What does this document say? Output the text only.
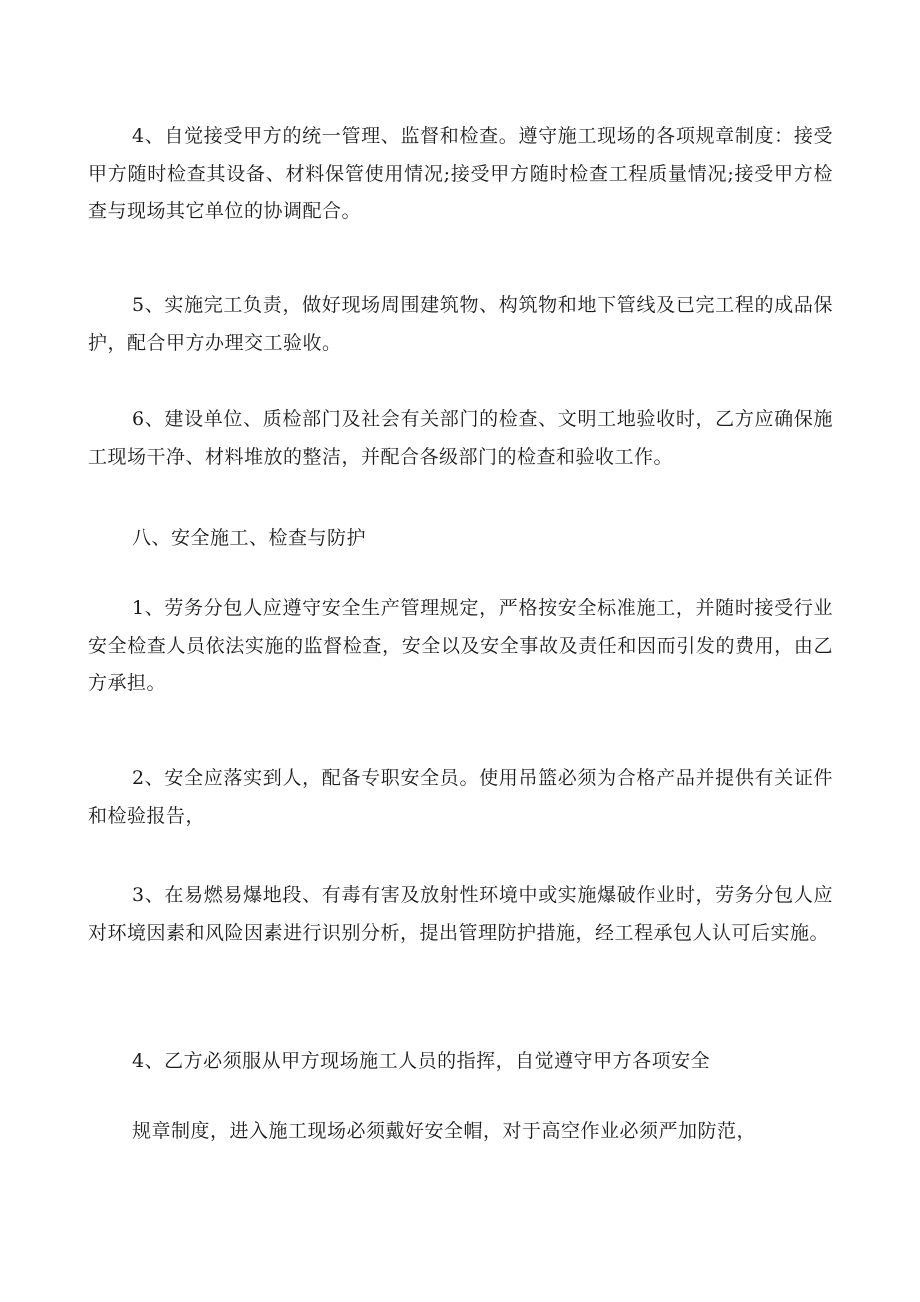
4、自觉接受甲方的统一管理、监督和检查。遵守施工现场的各项规章制度：接受甲方随时检查其设备、材料保管使用情况;接受甲方随时检查工程质量情况;接受甲方检查与现场其它单位的协调配合。

5、实施完工负责，做好现场周围建筑物、构筑物和地下管线及已完工程的成品保护，配合甲方办理交工验收。

6、建设单位、质检部门及社会有关部门的检查、文明工地验收时，乙方应确保施工现场干净、材料堆放的整洁，并配合各级部门的检查和验收工作。

八、安全施工、检查与防护

1、劳务分包人应遵守安全生产管理规定，严格按安全标准施工，并随时接受行业安全检查人员依法实施的监督检查，安全以及安全事故及责任和因而引发的费用，由乙方承担。

2、安全应落实到人，配备专职安全员。使用吊篮必须为合格产品并提供有关证件和检验报告，

3、在易燃易爆地段、有毒有害及放射性环境中或实施爆破作业时，劳务分包人应对环境因素和风险因素进行识别分析，提出管理防护措施，经工程承包人认可后实施。

4、乙方必须服从甲方现场施工人员的指挥，自觉遵守甲方各项安全

规章制度，进入施工现场必须戴好安全帽，对于高空作业必须严加防范，
